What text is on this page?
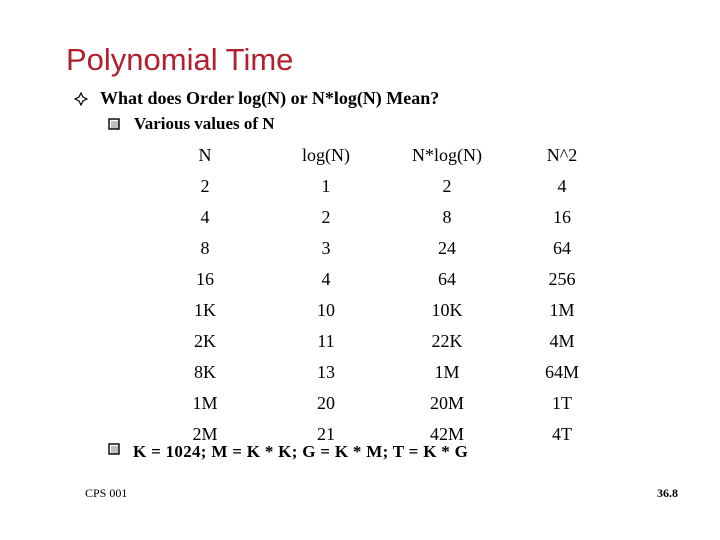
Polynomial Time
What does Order log(N) or N*log(N) Mean?
Various values of N
N	log(N)	N*log(N)	N^2
2	1	2	4
4	2	8	16
8	3	24	64
16	4	64	256
1K	10	10K	1M
2K	11	22K	4M
8K	13	1M	64M
1M	20	20M	1T
2M	21	42M	4T
K = 1024; M = K * K; G = K * M; T = K * G
CPS 001	36.8
